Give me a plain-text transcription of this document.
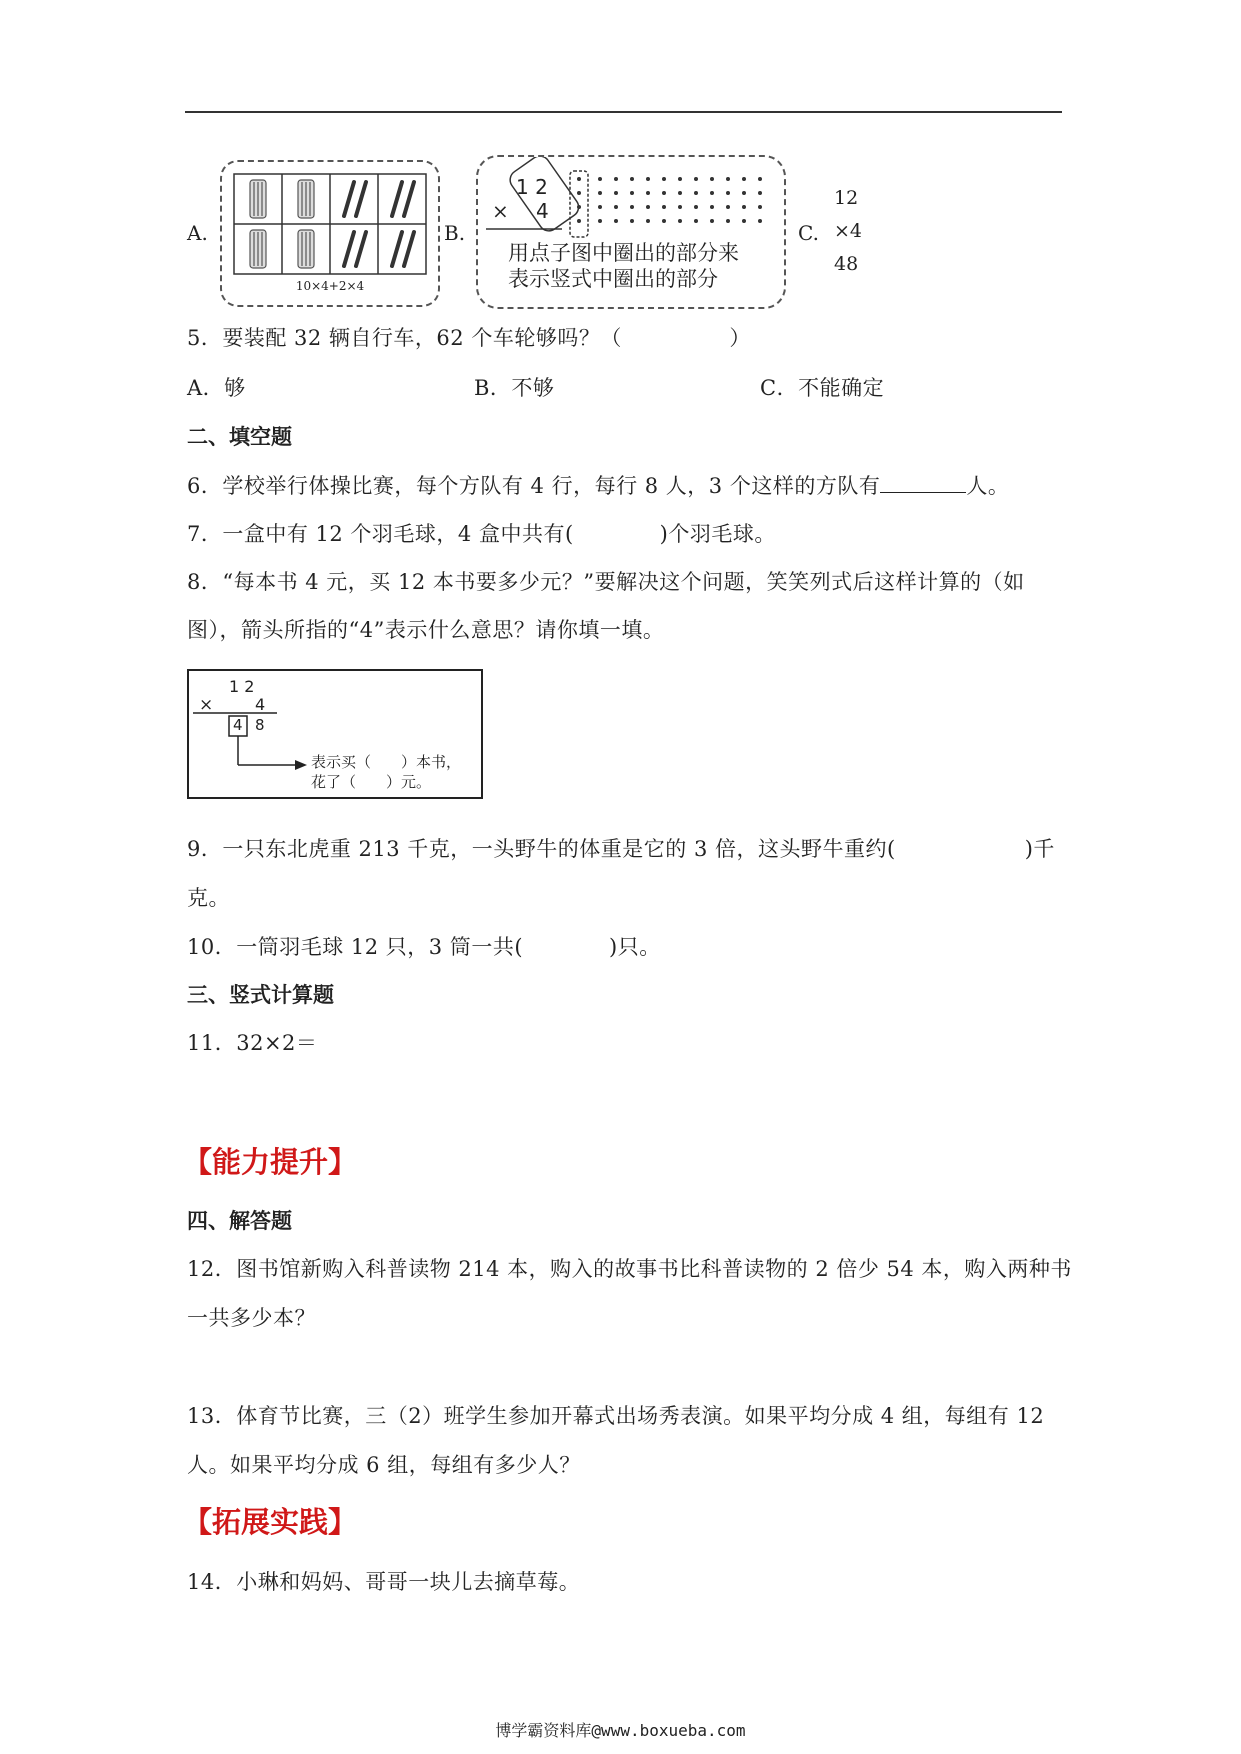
A.
10×4+2×4
B.
1 2
× 4
用点子图中圈出的部分来
表示竖式中圈出的部分
C.
12
×4
48
5．要装配 32 辆自行车，62 个车轮够吗？（　　　　　）
A．够	B．不够	C．不能确定
二、填空题
6．学校举行体操比赛，每个方队有 4 行，每行 8 人，3 个这样的方队有	人。
7．一盒中有 12 个羽毛球，4 盒中共有(　　　　)个羽毛球。
8．“每本书 4 元，买 12 本书要多少元？”要解决这个问题，笑笑列式后这样计算的（如
图），箭头所指的“4”表示什么意思？请你填一填。
1 2
×	4
4 8
表示买（　　）本书，
花了（　　）元。
9．一只东北虎重 213 千克，一头野牛的体重是它的 3 倍，这头野牛重约(　　　　　　)千
克。
10．一筒羽毛球 12 只，3 筒一共(　　　　)只。
三、竖式计算题
11．32×2＝
【能力提升】
四、解答题
12．图书馆新购入科普读物 214 本，购入的故事书比科普读物的 2 倍少 54 本，购入两种书
一共多少本？
13．体育节比赛，三（2）班学生参加开幕式出场秀表演。如果平均分成 4 组，每组有 12
人。如果平均分成 6 组，每组有多少人？
【拓展实践】
14．小琳和妈妈、哥哥一块儿去摘草莓。
博学霸资料库@www.boxueba.com
